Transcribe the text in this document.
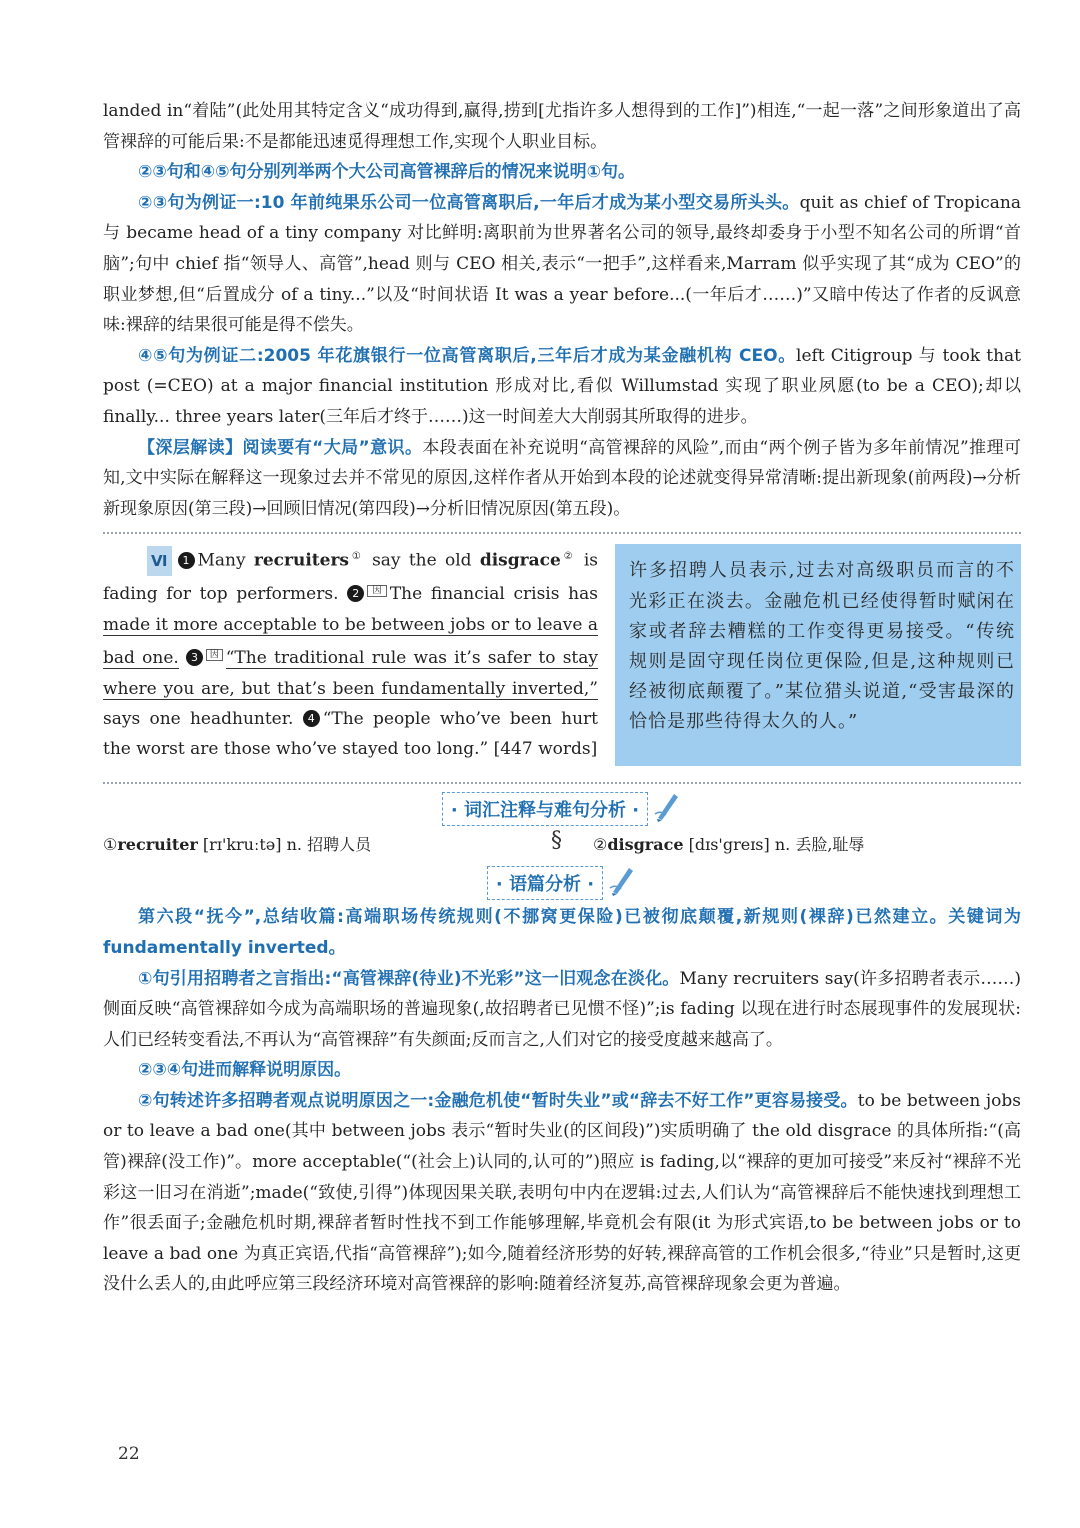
landed in“着陆”(此处用其特定含义“成功得到,赢得,捞到[尤指许多人想得到的工作]”)相连,“一起一落”之间形象道出了高管裸辞的可能后果:不是都能迅速觅得理想工作,实现个人职业目标。

②③句和④⑤句分别列举两个大公司高管裸辞后的情况来说明①句。

②③句为例证一:10 年前纯果乐公司一位高管离职后,一年后才成为某小型交易所头头。quit as chief of Tropicana 与 became head of a tiny company 对比鲜明:离职前为世界著名公司的领导,最终却委身于小型不知名公司的所谓“首脑”;句中 chief 指“领导人、高管”,head 则与 CEO 相关,表示“一把手”,这样看来,Marram 似乎实现了其“成为 CEO”的职业梦想,但“后置成分 of a tiny...”以及“时间状语 It was a year before...(一年后才……)”又暗中传达了作者的反讽意味:裸辞的结果很可能是得不偿失。

④⑤句为例证二:2005 年花旗银行一位高管离职后,三年后才成为某金融机构 CEO。left Citigroup 与 took that post (=CEO) at a major financial institution 形成对比,看似 Willumstad 实现了职业夙愿(to be a CEO);却以 finally... three years later(三年后才终于……)这一时间差大大削弱其所取得的进步。

【深层解读】阅读要有“大局”意识。本段表面在补充说明“高管裸辞的风险”,而由“两个例子皆为多年前情况”推理可知,文中实际在解释这一现象过去并不常见的原因,这样作者从开始到本段的论述就变得异常清晰:提出新现象(前两段)→分析新现象原因(第三段)→回顾旧情况(第四段)→分析旧情况原因(第五段)。

Ⅵ 1 Many recruiters① say the old disgrace② is fading for top performers. 2 $^因$ The financial crisis has made it more acceptable to be between jobs or to leave a bad one. 3 $^因$ “The traditional rule was it’s safer to stay where you are, but that’s been fundamentally inverted,” says one headhunter. 4 “The people who’ve been hurt the worst are those who’ve stayed too long.” [447 words]
许多招聘人员表示,过去对高级职员而言的不光彩正在淡去。金融危机已经使得暂时赋闲在家或者辞去糟糕的工作变得更易接受。“传统规则是固守现任岗位更保险,但是,这种规则已经被彻底颠覆了。”某位猎头说道,“受害最深的恰恰是那些待得太久的人。”
· 词汇注释与难句分析 ·
①recruiter [rɪ'kruːtə] n. 招聘人员	§ ②disgrace [dɪs'greɪs] n. 丢脸,耻辱
· 语篇分析 ·

第六段“抚今”,总结收篇:高端职场传统规则(不挪窝更保险)已被彻底颠覆,新规则(裸辞)已然建立。关键词为 fundamentally inverted。

①句引用招聘者之言指出:“高管裸辞(待业)不光彩”这一旧观念在淡化。Many recruiters say(许多招聘者表示……)侧面反映“高管裸辞如今成为高端职场的普遍现象(,故招聘者已见惯不怪)”;is fading 以现在进行时态展现事件的发展现状:人们已经转变看法,不再认为“高管裸辞”有失颜面;反而言之,人们对它的接受度越来越高了。

②③④句进而解释说明原因。

②句转述许多招聘者观点说明原因之一:金融危机使“暂时失业”或“辞去不好工作”更容易接受。to be between jobs or to leave a bad one(其中 between jobs 表示“暂时失业(的区间段)”)实质明确了 the old disgrace 的具体所指:“(高管)裸辞(没工作)”。more acceptable(“(社会上)认同的,认可的”)照应 is fading,以“裸辞的更加可接受”来反衬“裸辞不光彩这一旧习在消逝”;made(“致使,引得”)体现因果关联,表明句中内在逻辑:过去,人们认为“高管裸辞后不能快速找到理想工作”很丢面子;金融危机时期,裸辞者暂时性找不到工作能够理解,毕竟机会有限(it 为形式宾语,to be between jobs or to leave a bad one 为真正宾语,代指“高管裸辞”);如今,随着经济形势的好转,裸辞高管的工作机会很多,“待业”只是暂时,这更没什么丢人的,由此呼应第三段经济环境对高管裸辞的影响:随着经济复苏,高管裸辞现象会更为普遍。

22
